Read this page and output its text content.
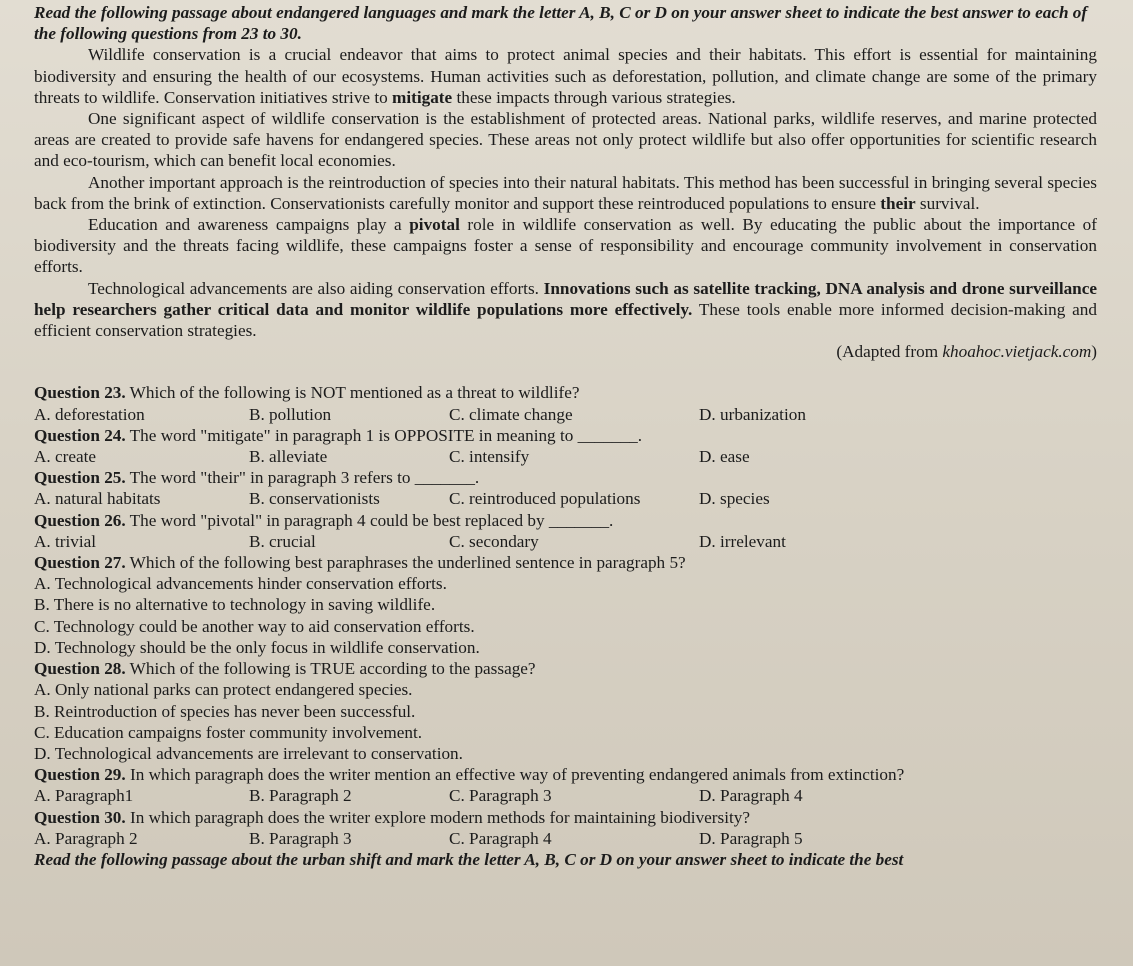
Read the following passage about endangered languages and mark the letter A, B, C or D on your answer sheet to indicate the best answer to each of the following questions from 23 to 30.

Wildlife conservation is a crucial endeavor that aims to protect animal species and their habitats. This effort is essential for maintaining biodiversity and ensuring the health of our ecosystems. Human activities such as deforestation, pollution, and climate change are some of the primary threats to wildlife. Conservation initiatives strive to mitigate these impacts through various strategies.

One significant aspect of wildlife conservation is the establishment of protected areas. National parks, wildlife reserves, and marine protected areas are created to provide safe havens for endangered species. These areas not only protect wildlife but also offer opportunities for scientific research and eco-tourism, which can benefit local economies.

Another important approach is the reintroduction of species into their natural habitats. This method has been successful in bringing several species back from the brink of extinction. Conservationists carefully monitor and support these reintroduced populations to ensure their survival.

Education and awareness campaigns play a pivotal role in wildlife conservation as well. By educating the public about the importance of biodiversity and the threats facing wildlife, these campaigns foster a sense of responsibility and encourage community involvement in conservation efforts.

Technological advancements are also aiding conservation efforts. Innovations such as satellite tracking, DNA analysis and drone surveillance help researchers gather critical data and monitor wildlife populations more effectively. These tools enable more informed decision-making and efficient conservation strategies.

(Adapted from khoahoc.vietjack.com)

Question 23. Which of the following is NOT mentioned as a threat to wildlife?

A. deforestation	B. pollution	C. climate change	D. urbanization

Question 24. The word "mitigate" in paragraph 1 is OPPOSITE in meaning to _______.

A. create	B. alleviate	C. intensify	D. ease

Question 25. The word "their" in paragraph 3 refers to _______.

A. natural habitats	B. conservationists	C. reintroduced populations	D. species

Question 26. The word "pivotal" in paragraph 4 could be best replaced by _______.

A. trivial	B. crucial	C. secondary	D. irrelevant

Question 27. Which of the following best paraphrases the underlined sentence in paragraph 5?

A. Technological advancements hinder conservation efforts.

B. There is no alternative to technology in saving wildlife.

C. Technology could be another way to aid conservation efforts.

D. Technology should be the only focus in wildlife conservation.

Question 28. Which of the following is TRUE according to the passage?

A. Only national parks can protect endangered species.

B. Reintroduction of species has never been successful.

C. Education campaigns foster community involvement.

D. Technological advancements are irrelevant to conservation.

Question 29. In which paragraph does the writer mention an effective way of preventing endangered animals from extinction?

A. Paragraph1	B. Paragraph 2	C. Paragraph 3	D. Paragraph 4

Question 30. In which paragraph does the writer explore modern methods for maintaining biodiversity?

A. Paragraph 2	B. Paragraph 3	C. Paragraph 4	D. Paragraph 5

Read the following passage about the urban shift and mark the letter A, B, C or D on your answer sheet to indicate the best
